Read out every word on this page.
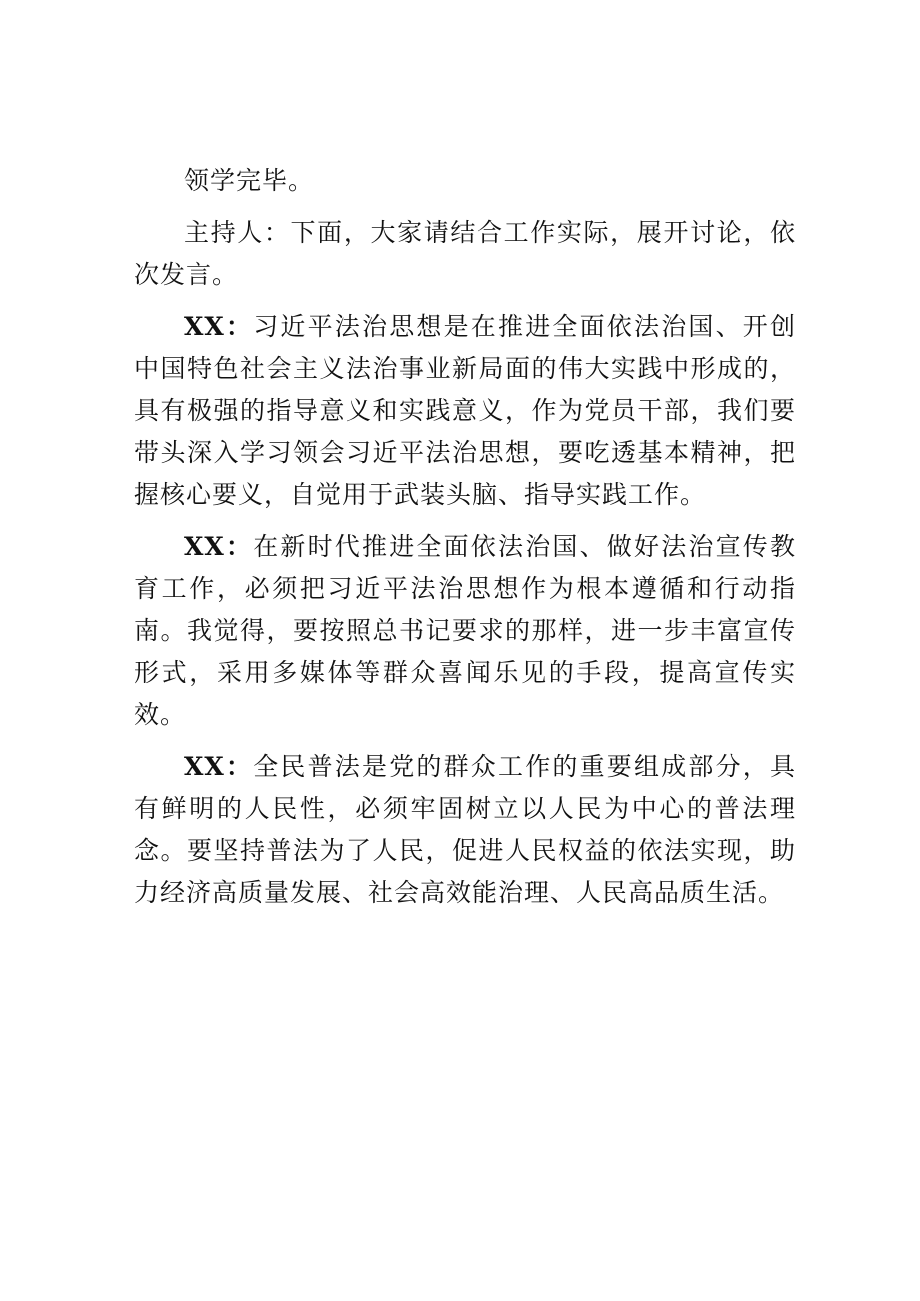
领学完毕。

主持人：下面，大家请结合工作实际，展开讨论，依次发言。

XX：习近平法治思想是在推进全面依法治国、开创中国特色社会主义法治事业新局面的伟大实践中形成的，具有极强的指导意义和实践意义，作为党员干部，我们要带头深入学习领会习近平法治思想，要吃透基本精神，把握核心要义，自觉用于武装头脑、指导实践工作。

XX：在新时代推进全面依法治国、做好法治宣传教育工作，必须把习近平法治思想作为根本遵循和行动指南。我觉得，要按照总书记要求的那样，进一步丰富宣传形式，采用多媒体等群众喜闻乐见的手段，提高宣传实效。

XX：全民普法是党的群众工作的重要组成部分，具有鲜明的人民性，必须牢固树立以人民为中心的普法理念。要坚持普法为了人民，促进人民权益的依法实现，助力经济高质量发展、社会高效能治理、人民高品质生活。
